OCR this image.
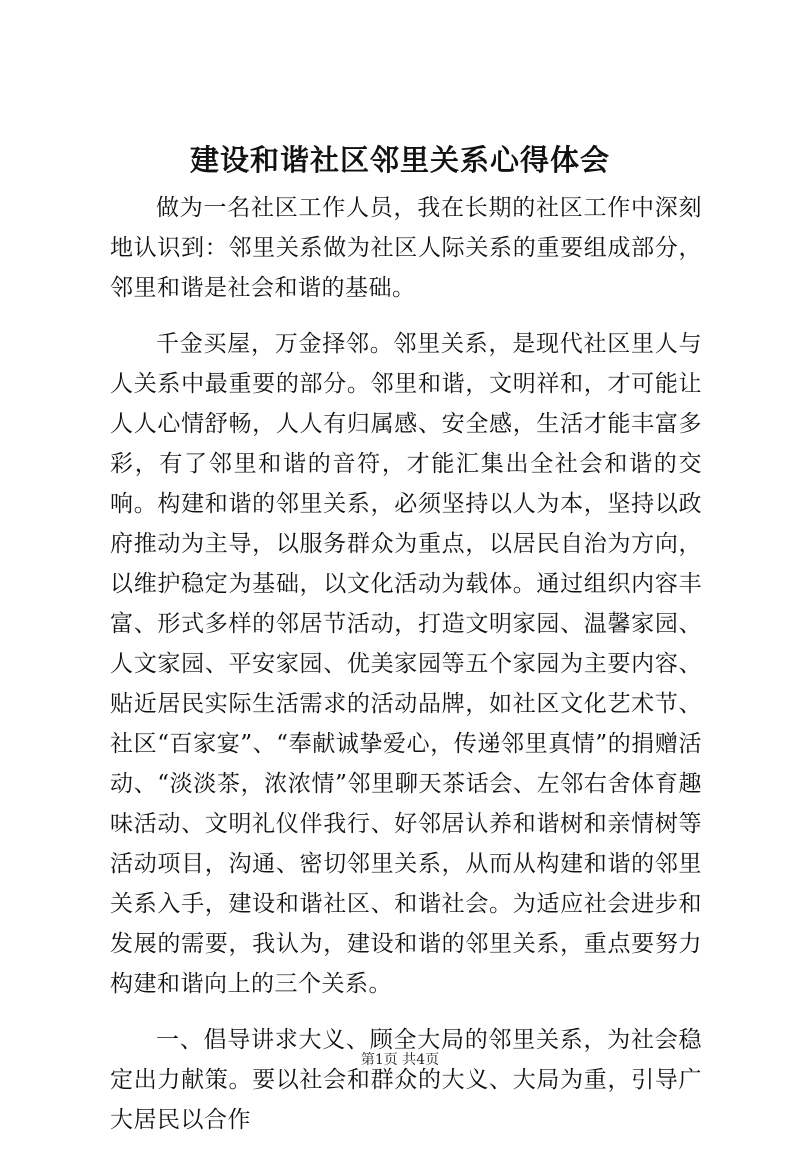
建设和谐社区邻里关系心得体会

做为一名社区工作人员，我在长期的社区工作中深刻地认识到：邻里关系做为社区人际关系的重要组成部分，邻里和谐是社会和谐的基础。

千金买屋，万金择邻。邻里关系，是现代社区里人与人关系中最重要的部分。邻里和谐，文明祥和，才可能让人人心情舒畅，人人有归属感、安全感，生活才能丰富多彩，有了邻里和谐的音符，才能汇集出全社会和谐的交响。构建和谐的邻里关系，必须坚持以人为本，坚持以政府推动为主导，以服务群众为重点，以居民自治为方向，以维护稳定为基础，以文化活动为载体。通过组织内容丰富、形式多样的邻居节活动，打造文明家园、温馨家园、人文家园、平安家园、优美家园等五个家园为主要内容、贴近居民实际生活需求的活动品牌，如社区文化艺术节、社区“百家宴”、“奉献诚挚爱心，传递邻里真情”的捐赠活动、“淡淡茶，浓浓情”邻里聊天茶话会、左邻右舍体育趣味活动、文明礼仪伴我行、好邻居认养和谐树和亲情树等活动项目，沟通、密切邻里关系，从而从构建和谐的邻里关系入手，建设和谐社区、和谐社会。为适应社会进步和发展的需要，我认为，建设和谐的邻里关系，重点要努力构建和谐向上的三个关系。

一、倡导讲求大义、顾全大局的邻里关系，为社会稳定出力献策。要以社会和群众的大义、大局为重，引导广大居民以合作

第1页 共4页
